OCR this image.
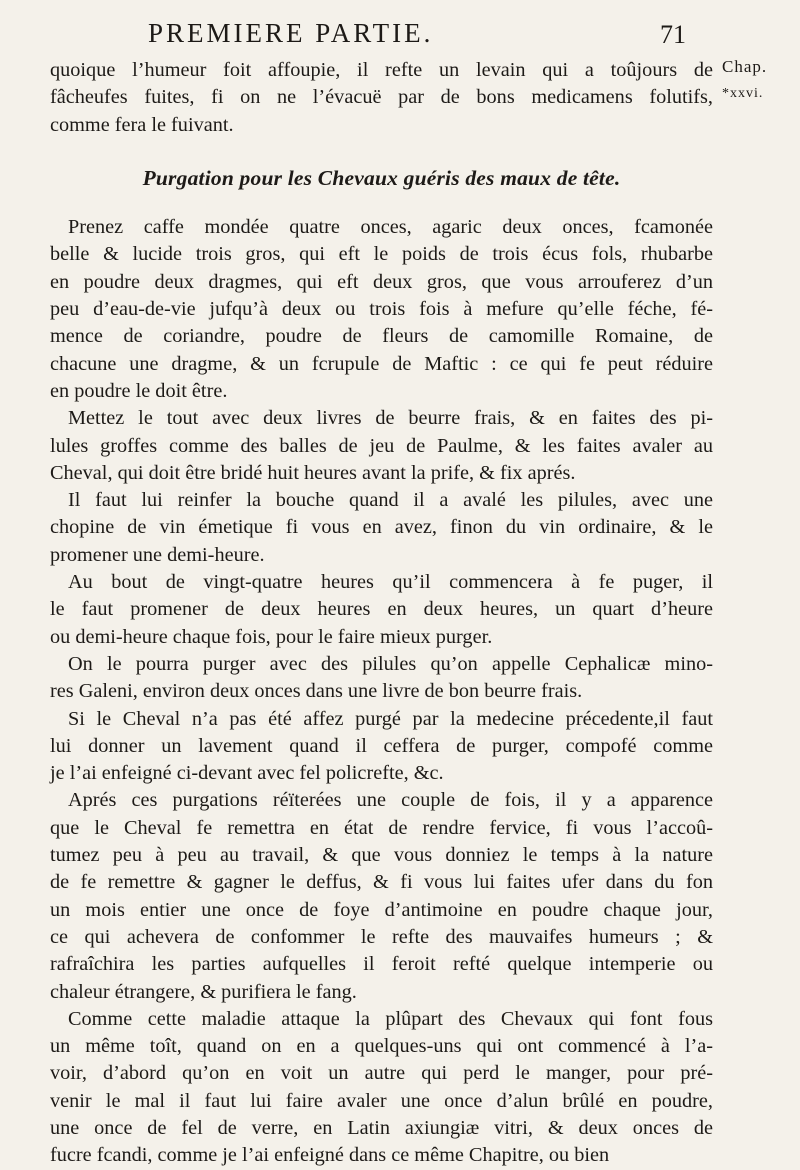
PREMIERE PARTIE.	71
Chap.
*xxvi.

quoique l’humeur foit affoupie, il refte un levain qui a toûjours de

fâcheufes fuites, fi on ne l’évacuë par de bons medicamens folutifs,

comme fera le fuivant.

Purgation pour les Chevaux guéris des maux de tête.

Prenez caffe mondée quatre onces, agaric deux onces, fcamonée

belle & lucide trois gros, qui eft le poids de trois écus fols, rhubarbe

en poudre deux dragmes, qui eft deux gros, que vous arrouferez d’un

peu d’eau-de-vie jufqu’à deux ou trois fois à mefure qu’elle féche, fé-

mence de coriandre, poudre de fleurs de camomille Romaine, de

chacune une dragme, & un fcrupule de Maftic : ce qui fe peut réduire

en poudre le doit être.

Mettez le tout avec deux livres de beurre frais, & en faites des pi-

lules groffes comme des balles de jeu de Paulme, & les faites avaler au

Cheval, qui doit être bridé huit heures avant la prife, & fix aprés.

Il faut lui reinfer la bouche quand il a avalé les pilules, avec une

chopine de vin émetique fi vous en avez, finon du vin ordinaire, & le

promener une demi-heure.

Au bout de vingt-quatre heures qu’il commencera à fe puger, il

le faut promener de deux heures en deux heures, un quart d’heure

ou demi-heure chaque fois, pour le faire mieux purger.

On le pourra purger avec des pilules qu’on appelle Cephalicæ mino-

res Galeni, environ deux onces dans une livre de bon beurre frais.

Si le Cheval n’a pas été affez purgé par la medecine précedente,il faut

lui donner un lavement quand il ceffera de purger, compofé comme

je l’ai enfeigné ci-devant avec fel policrefte, &c.

Aprés ces purgations réïterées une couple de fois, il y a apparence

que le Cheval fe remettra en état de rendre fervice, fi vous l’accoû-

tumez peu à peu au travail, & que vous donniez le temps à la nature

de fe remettre & gagner le deffus, & fi vous lui faites ufer dans du fon

un mois entier une once de foye d’antimoine en poudre chaque jour,

ce qui achevera de confommer le refte des mauvaifes humeurs ; &

rafraîchira les parties aufquelles il feroit refté quelque intemperie ou

chaleur étrangere, & purifiera le fang.

Comme cette maladie attaque la plûpart des Chevaux qui font fous

un même toît, quand on en a quelques-uns qui ont commencé à l’a-

voir, d’abord qu’on en voit un autre qui perd le manger, pour pré-

venir le mal il faut lui faire avaler une once d’alun brûlé en poudre,

une once de fel de verre, en Latin axiungiæ vitri, & deux onces de

fucre fcandi, comme je l’ai enfeigné dans ce même Chapitre, ou bien
